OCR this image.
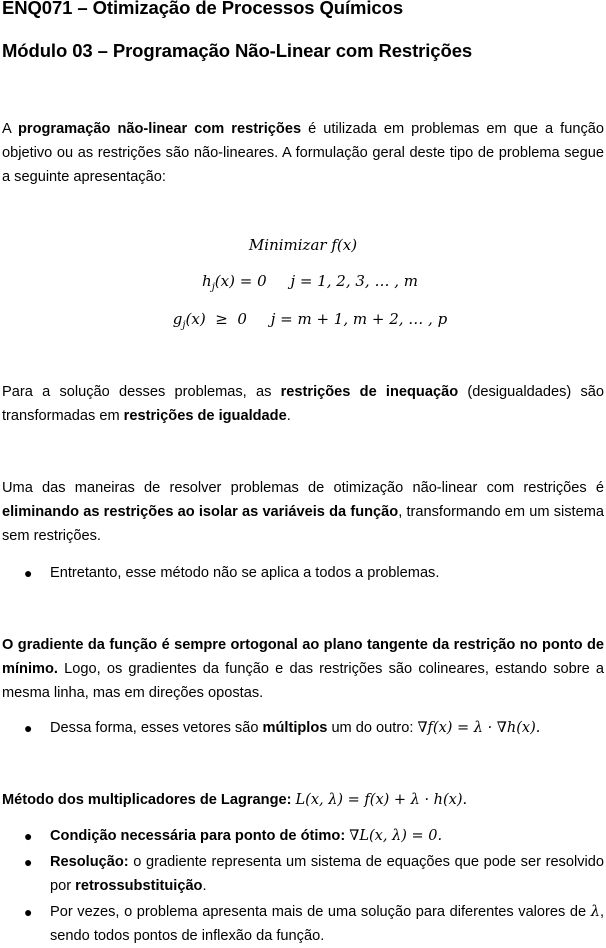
ENQ071 – Otimização de Processos Químicos
Módulo 03 – Programação Não-Linear com Restrições

A programação não-linear com restrições é utilizada em problemas em que a função objetivo ou as restrições são não-lineares. A formulação geral deste tipo de problema segue a seguinte apresentação:

Minimizar f(x)
$h_j(x) = 0$     j = 1, 2, 3, … , m
$g_j(x) \ge 0$     j = m + 1, m + 2, … , p

Para a solução desses problemas, as restrições de inequação (desigualdades) são transformadas em restrições de igualdade.

Uma das maneiras de resolver problemas de otimização não-linear com restrições é eliminando as restrições ao isolar as variáveis da função, transformando em um sistema sem restrições.

● Entretanto, esse método não se aplica a todos a problemas.

O gradiente da função é sempre ortogonal ao plano tangente da restrição no ponto de mínimo. Logo, os gradientes da função e das restrições são colineares, estando sobre a mesma linha, mas em direções opostas.

● Dessa forma, esses vetores são múltiplos um do outro: ∇f(x) = λ · ∇h(x).

Método dos multiplicadores de Lagrange: L(x, λ) = f(x) + λ · h(x).

● Condição necessária para ponto de ótimo: ∇L(x, λ) = 0.
● Resolução: o gradiente representa um sistema de equações que pode ser resolvido por retrossubstituição.
● Por vezes, o problema apresenta mais de uma solução para diferentes valores de λ, sendo todos pontos de inflexão da função.
